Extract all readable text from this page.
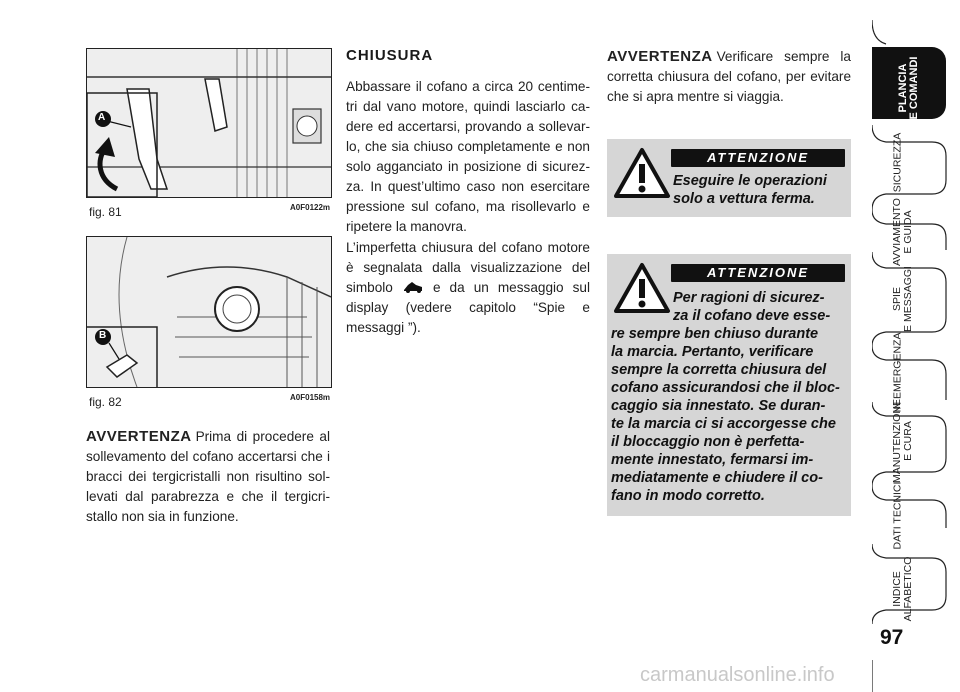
A
fig. 81	A0F0122m
B
fig. 82	A0F0158m
AVVERTENZA Prima di procedere al sollevamento del cofano accertarsi che i bracci dei tergicristalli non risultino sollevati dal parabrezza e che il tergicristallo non sia in funzione.
CHIUSURA
Abbassare il cofano a circa 20 centimetri dal vano motore, quindi lasciarlo cadere ed accertarsi, provando a sollevarlo, che sia chiuso completamente e non solo agganciato in posizione di sicurezza. In quest’ultimo caso non esercitare pressione sul cofano, ma risollevarlo e ripetere la manovra.
L’imperfetta chiusura del cofano motore è segnalata dalla visualizzazione del simbolo	e da un messaggio sul display (vedere capitolo “Spie e messaggi ”).
AVVERTENZA Verificare sempre la corretta chiusura del cofano, per evitare che si apra mentre si viaggia.
ATTENZIONE
Eseguire le operazioni
solo a vettura ferma.
ATTENZIONE
Per ragioni di sicurez-
za il cofano deve esse-
re sempre ben chiuso durante
la marcia. Pertanto, verificare
sempre la corretta chiusura del
cofano assicurandosi che il bloc-
caggio sia innestato. Se duran-
te la marcia ci si accorgesse che
il bloccaggio non è perfetta-
mente innestato, fermarsi im-
mediatamente e chiudere il co-
fano in modo corretto.
PLANCIA
E COMANDI
SICUREZZA
AVVIAMENTO
E GUIDA
SPIE
E MESSAGGI
IN EMERGENZA
MANUTENZIONE
E CURA
DATI TECNICI
INDICE
ALFABETICO
97
carmanualsonline.info
